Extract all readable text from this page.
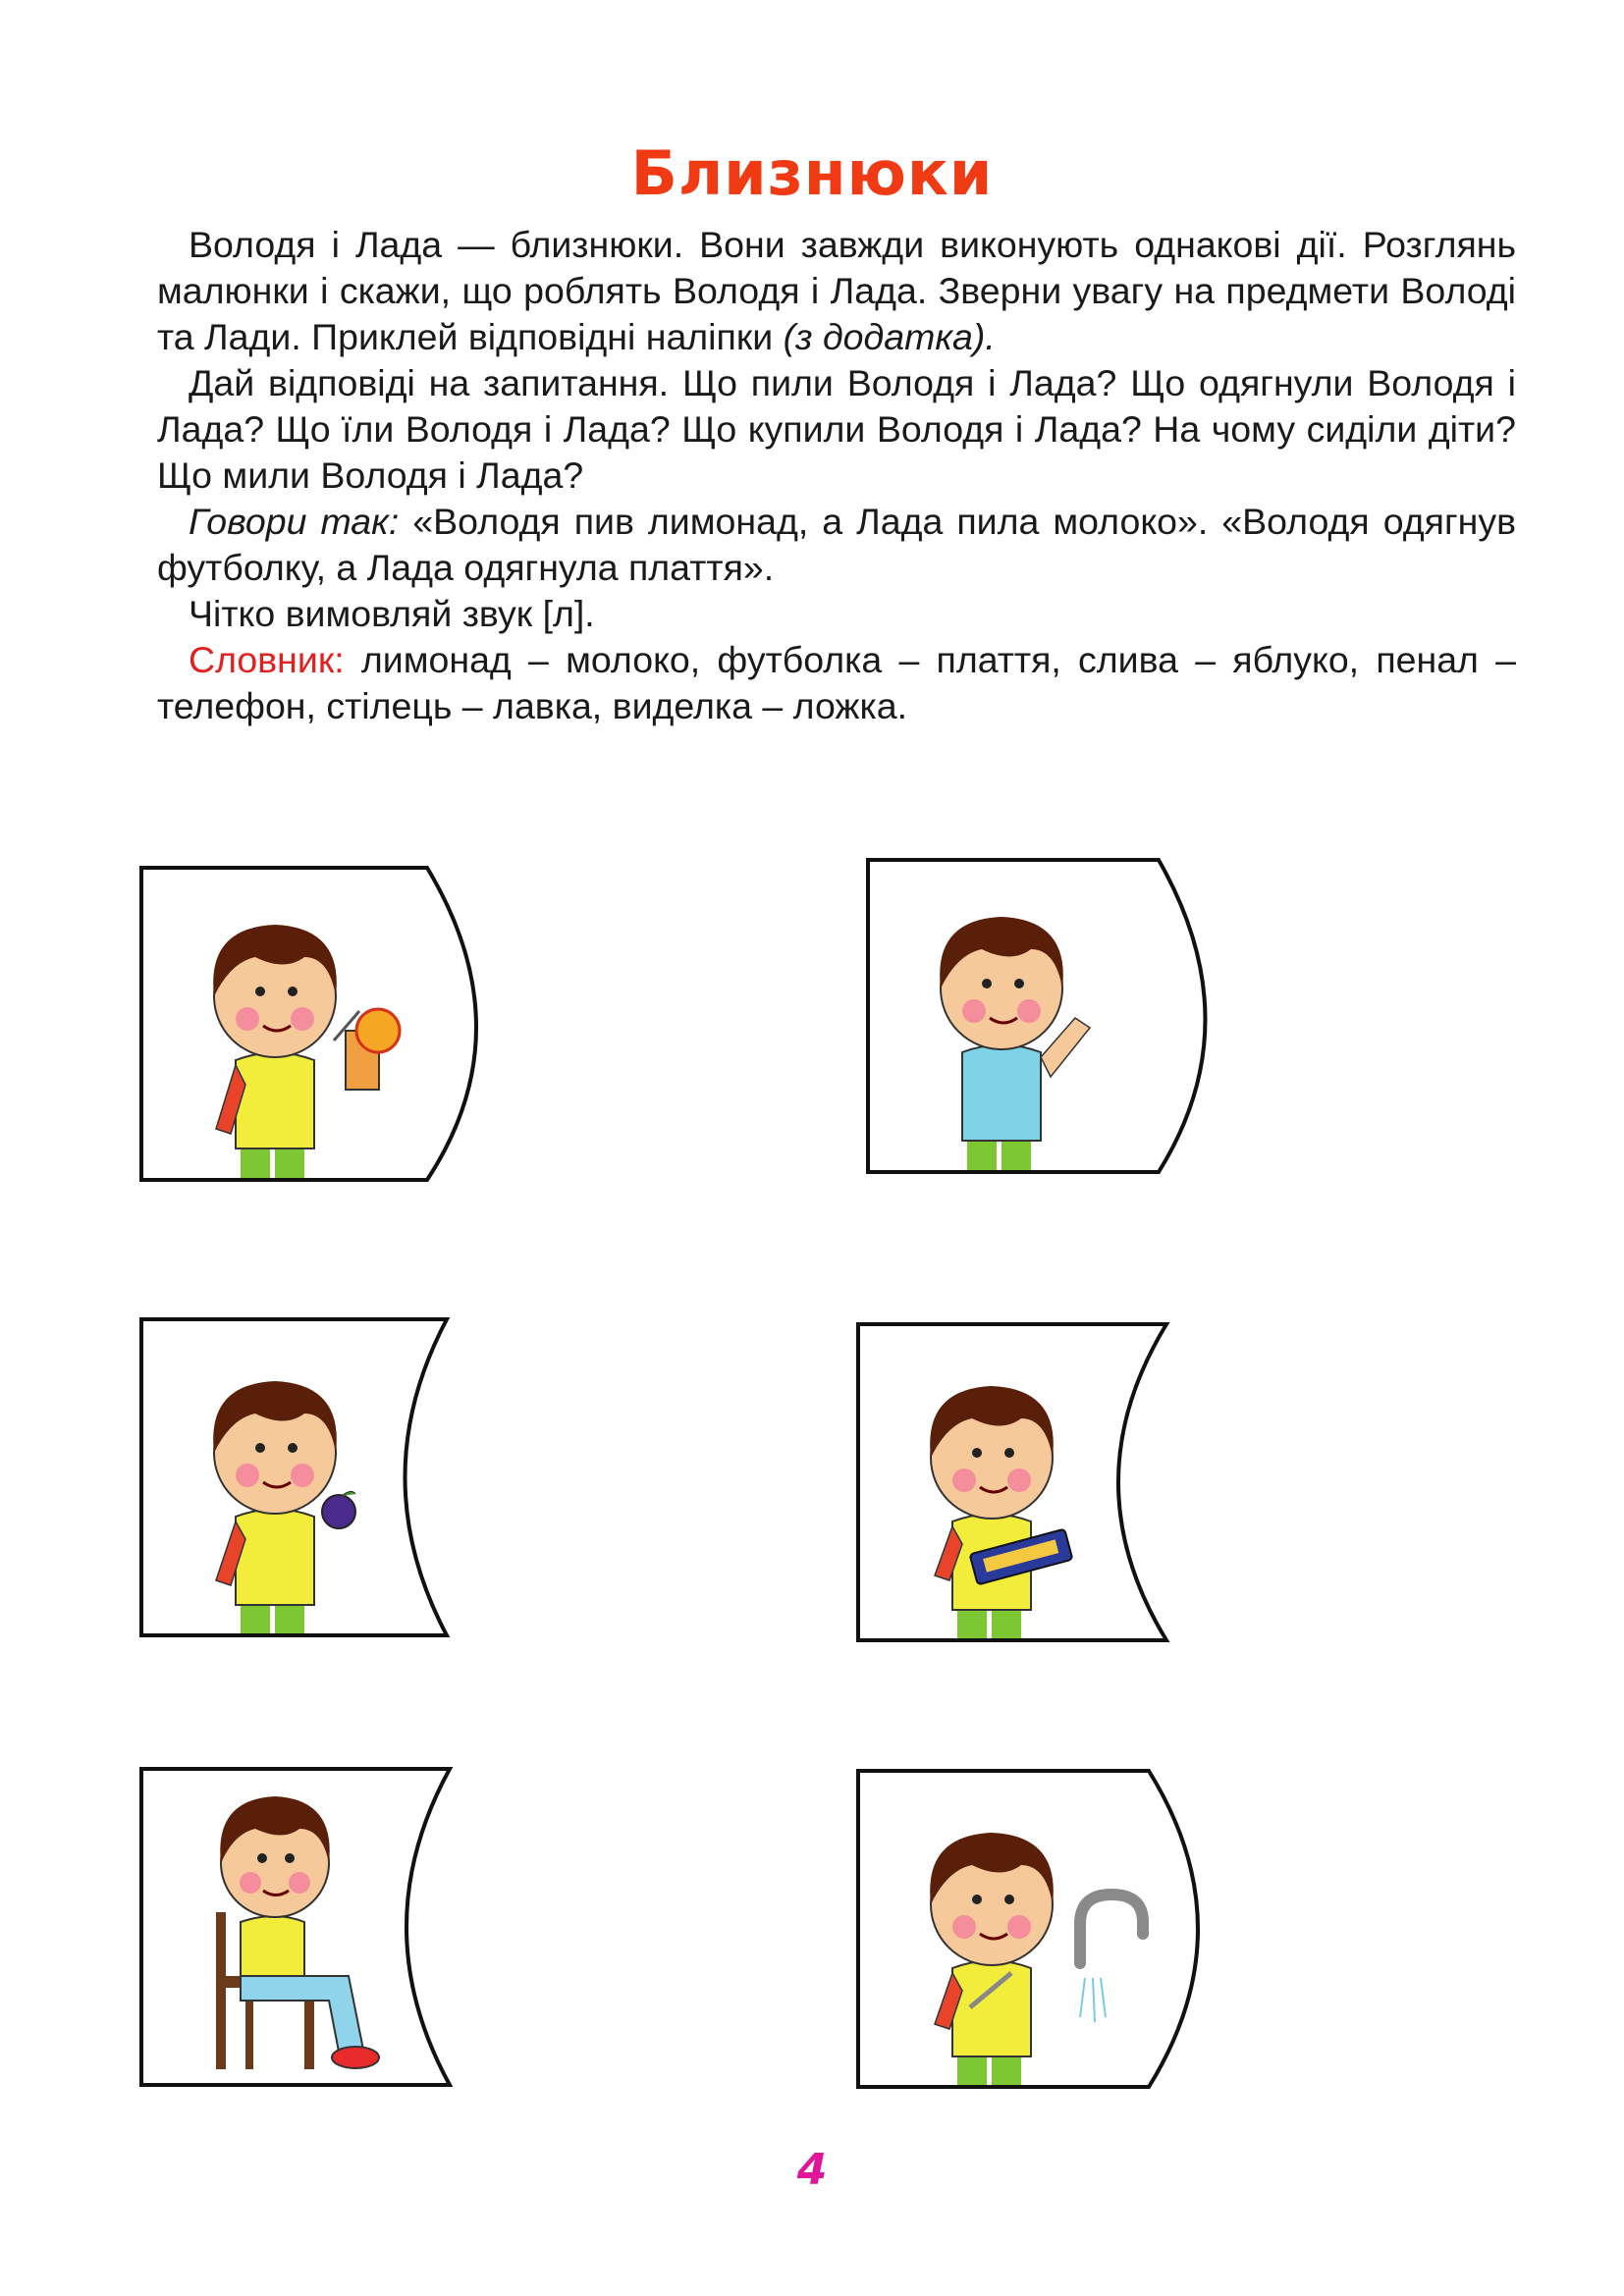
Близнюки

Володя і Лада — близнюки. Вони завжди виконують однакові дії. Розглянь малюнки і скажи, що роблять Володя і Лада. Зверни увагу на предмети Володі та Лади. Приклей відповідні наліпки (з додатка).

Дай відповіді на запитання. Що пили Володя і Лада? Що одягнули Володя і Лада? Що їли Володя і Лада? Що купили Володя і Лада? На чому сиділи діти? Що мили Володя і Лада?

Говори так: «Володя пив лимонад, а Лада пила молоко». «Володя одягнув футболку, а Лада одягнула плаття».

Чітко вимовляй звук [л].

Словник: лимонад – молоко, футболка – плаття, слива – яблуко, пенал – телефон, стілець – лавка, виделка – ложка.

4
